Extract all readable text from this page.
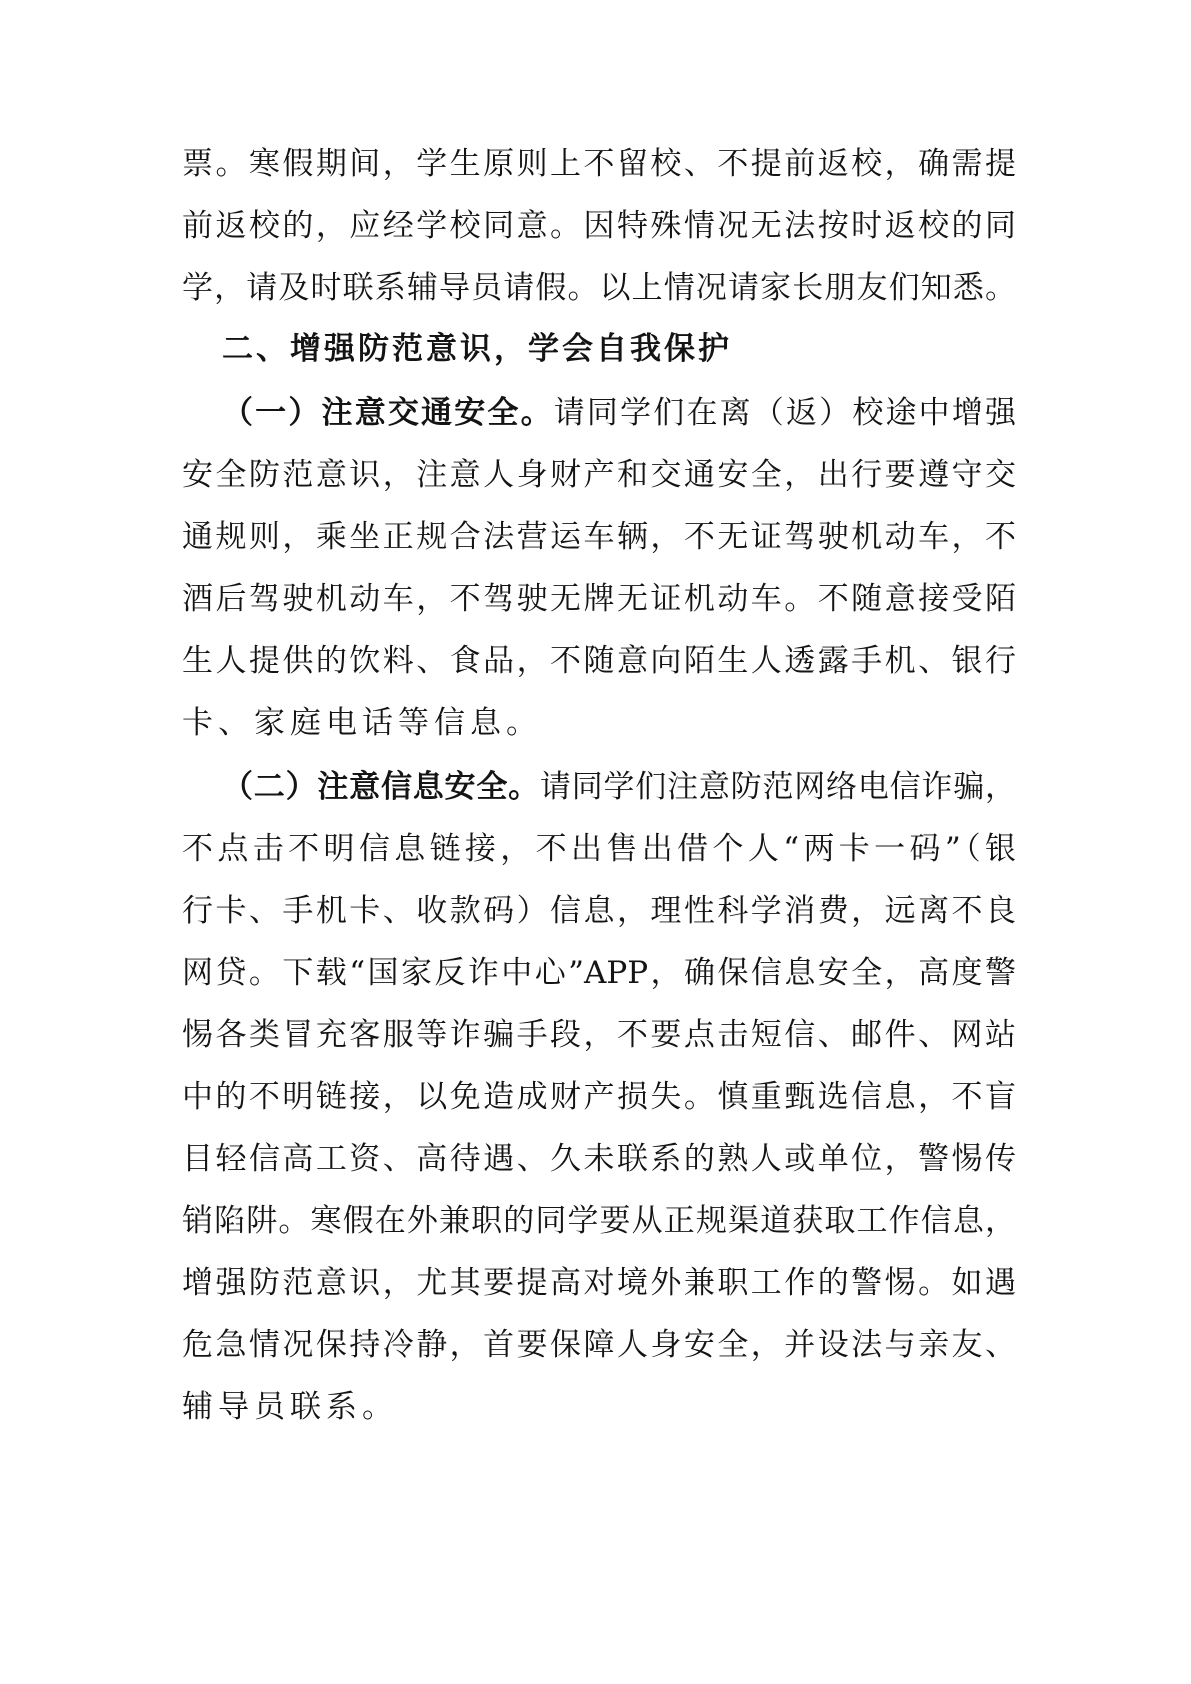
票。寒假期间，学生原则上不留校、不提前返校，确需提
前返校的，应经学校同意。因特殊情况无法按时返校的同
学，请及时联系辅导员请假。以上情况请家长朋友们知悉。
二、增强防范意识，学会自我保护
（一）注意交通安全。请同学们在离（返）校途中增强
安全防范意识，注意人身财产和交通安全，出行要遵守交
通规则，乘坐正规合法营运车辆，不无证驾驶机动车，不
酒后驾驶机动车，不驾驶无牌无证机动车。不随意接受陌
生人提供的饮料、食品，不随意向陌生人透露手机、银行
卡、家庭电话等信息。
（二）注意信息安全。请同学们注意防范网络电信诈骗，
不点击不明信息链接，不出售出借个人“两卡一码”（银
行卡、手机卡、收款码）信息，理性科学消费，远离不良
网贷。下载“国家反诈中心”APP，确保信息安全，高度警
惕各类冒充客服等诈骗手段，不要点击短信、邮件、网站
中的不明链接，以免造成财产损失。慎重甄选信息，不盲
目轻信高工资、高待遇、久未联系的熟人或单位，警惕传
销陷阱。寒假在外兼职的同学要从正规渠道获取工作信息，
增强防范意识，尤其要提高对境外兼职工作的警惕。如遇
危急情况保持冷静，首要保障人身安全，并设法与亲友、
辅导员联系。
